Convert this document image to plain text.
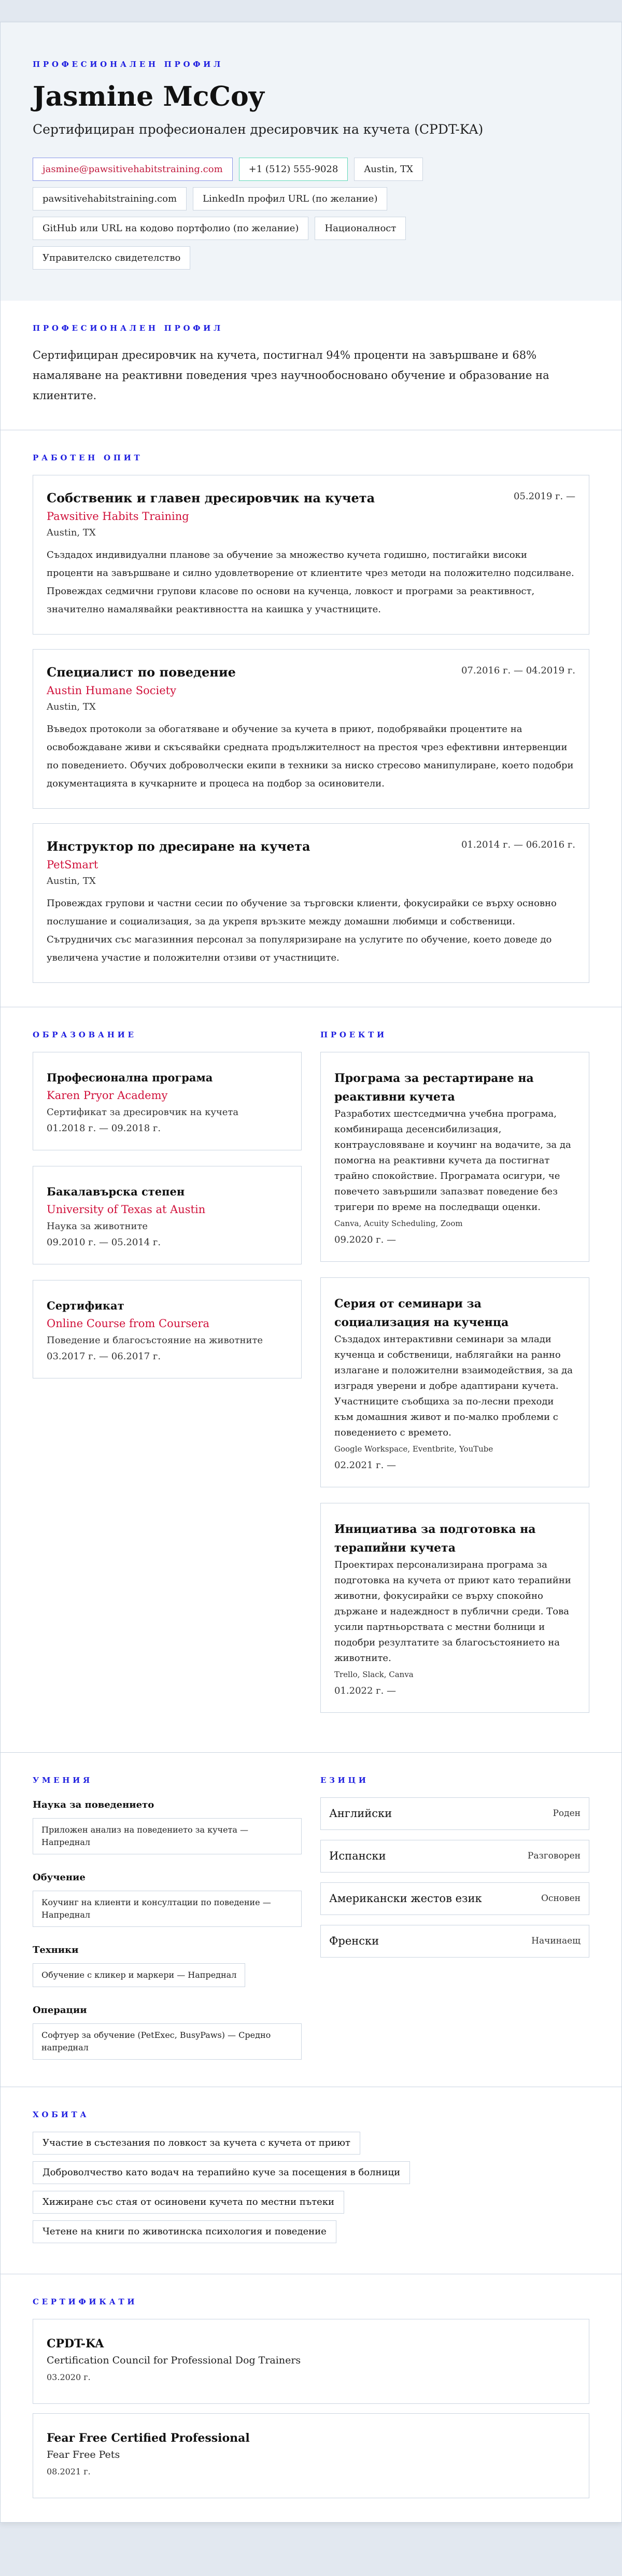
ПРОФЕСИОНАЛЕН ПРОФИЛ
Jasmine McCoy
Сертифициран професионален дресировчик на кучета (CPDT-KA)
jasmine@pawsitivehabitstraining.com	+1 (512) 555-9028	Austin, TX
pawsitivehabitstraining.com	LinkedIn профил URL (по желание)
GitHub или URL на кодово портфолио (по желание)	Националност
Управителско свидетелство
ПРОФЕСИОНАЛЕН ПРОФИЛ

Сертифициран дресировчик на кучета, постигнал 94% проценти на завършване и 68% намаляване на реактивни поведения чрез научнообосновано обучение и образование на клиентите.

РАБОТЕН ОПИТ
Собственик и главен дресировчик на кучета	05.2019 г. —
Pawsitive Habits Training
Austin, TX

Създадох индивидуални планове за обучение за множество кучета годишно, постигайки високи проценти на завършване и силно удовлетворение от клиентите чрез методи на положително подсилване. Провеждах седмични групови класове по основи на кученца, ловкост и програми за реактивност, значително намалявайки реактивността на каишка у участниците.

Специалист по поведение	07.2016 г. — 04.2019 г.
Austin Humane Society
Austin, TX

Въведох протоколи за обогатяване и обучение за кучета в приют, подобрявайки процентите на освобождаване живи и скъсявайки средната продължителност на престоя чрез ефективни интервенции по поведението. Обучих доброволчески екипи в техники за ниско стресово манипулиране, което подобри документацията в кучкарните и процеса на подбор за осиновители.

Инструктор по дресиране на кучета	01.2014 г. — 06.2016 г.
PetSmart
Austin, TX

Провеждах групови и частни сесии по обучение за търговски клиенти, фокусирайки се върху основно послушание и социализация, за да укрепя връзките между домашни любимци и собственици. Сътрудничих със магазинния персонал за популяризиране на услугите по обучение, което доведе до увеличена участие и положителни отзиви от участниците.

ОБРАЗОВАНИЕ
Професионална програма
Karen Pryor Academy
Сертификат за дресировчик на кучета
01.2018 г. — 09.2018 г.
Бакалавърска степен
University of Texas at Austin
Наука за животните
09.2010 г. — 05.2014 г.
Сертификат
Online Course from Coursera
Поведение и благосъстояние на животните
03.2017 г. — 06.2017 г.
ПРОЕКТИ
Програма за рестартиране на реактивни кучета

Разработих шестседмична учебна програма, комбинираща десенсибилизация, контраусловяване и коучинг на водачите, за да помогна на реактивни кучета да постигнат трайно спокойствие. Програмата осигури, че повечето завършили запазват поведение без тригери по време на последващи оценки.

Canva, Acuity Scheduling, Zoom
09.2020 г. —
Серия от семинари за социализация на кученца

Създадох интерактивни семинари за млади кученца и собственици, наблягайки на ранно излагане и положителни взаимодействия, за да изградя уверени и добре адаптирани кучета. Участниците съобщиха за по-лесни преходи към домашния живот и по-малко проблеми с поведението с времето.

Google Workspace, Eventbrite, YouTube
02.2021 г. —
Инициатива за подготовка на терапийни кучета

Проектирах персонализирана програма за подготовка на кучета от приют като терапийни животни, фокусирайки се върху спокойно държане и надеждност в публични среди. Това усили партньорствата с местни болници и подобри резултатите за благосъстоянието на животните.

Trello, Slack, Canva
01.2022 г. —
УМЕНИЯ
Наука за поведението
Приложен анализ на поведението за кучета — Напреднал
Обучение
Коучинг на клиенти и консултации по поведение — Напреднал
Техники
Обучение с кликер и маркери — Напреднал
Операции
Софтуер за обучение (PetExec, BusyPaws) — Средно напреднал
ЕЗИЦИ
Английски	Роден
Испански	Разговорен
Американски жестов език	Основен
Френски	Начинаещ
ХОБИТА
Участие в състезания по ловкост за кучета с кучета от приют
Доброволчество като водач на терапийно куче за посещения в болници
Хижиране със стая от осиновени кучета по местни пътеки
Четене на книги по животинска психология и поведение
СЕРТИФИКАТИ
CPDT-KA
Certification Council for Professional Dog Trainers
03.2020 г.
Fear Free Certified Professional
Fear Free Pets
08.2021 г.
